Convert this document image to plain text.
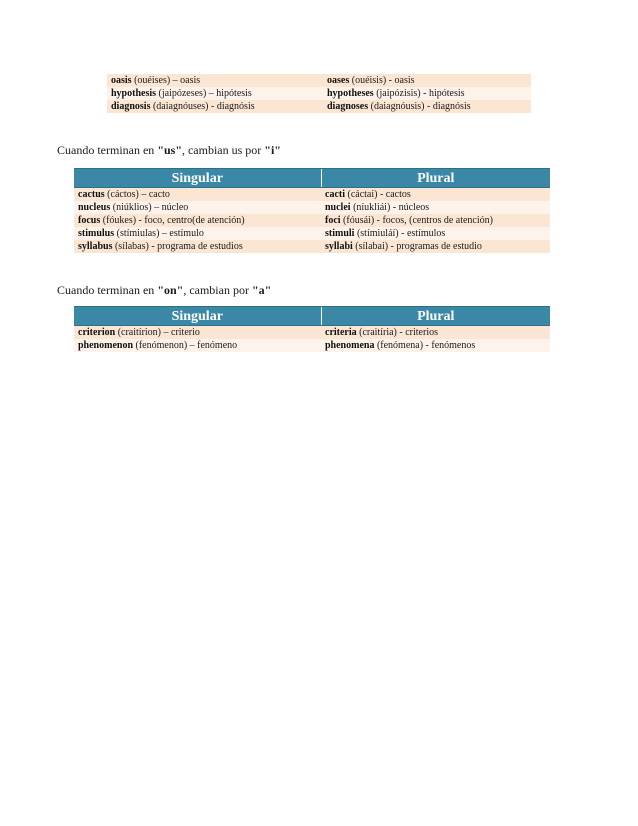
oasis (ouéises) – oasis	oases (ouéisis) - oasis
hypothesis (jaipózeses) – hipótesis	hypotheses (jaipózisis) - hipótesis
diagnosis (daiagnóuses) - diagnósis	diagnoses (daiagnóusis) - diagnósis
Cuando terminan en "us", cambian us por "i"
Singular	Plural
cactus (cáctos) – cacto	cacti (cáctai) - cactos
nucleus (niúklios) – núcleo	nuclei (níukliái) - núcleos
focus (fóukes) - foco, centro(de atención)	foci (fóusái) - focos, (centros de atención)
stimulus (stímiulas) – estímulo	stimuli (stímiuláí) - estímulos
syllabus (sílabas) - programa de estudios	syllabi (sílabai) - programas de estudio
Cuando terminan en "on", cambian por "a"
Singular	Plural
criterion (craitírion) – criterio	criteria (craitíria) - criterios
phenomenon (fenómenon) – fenómeno	phenomena (fenómena) - fenómenos
